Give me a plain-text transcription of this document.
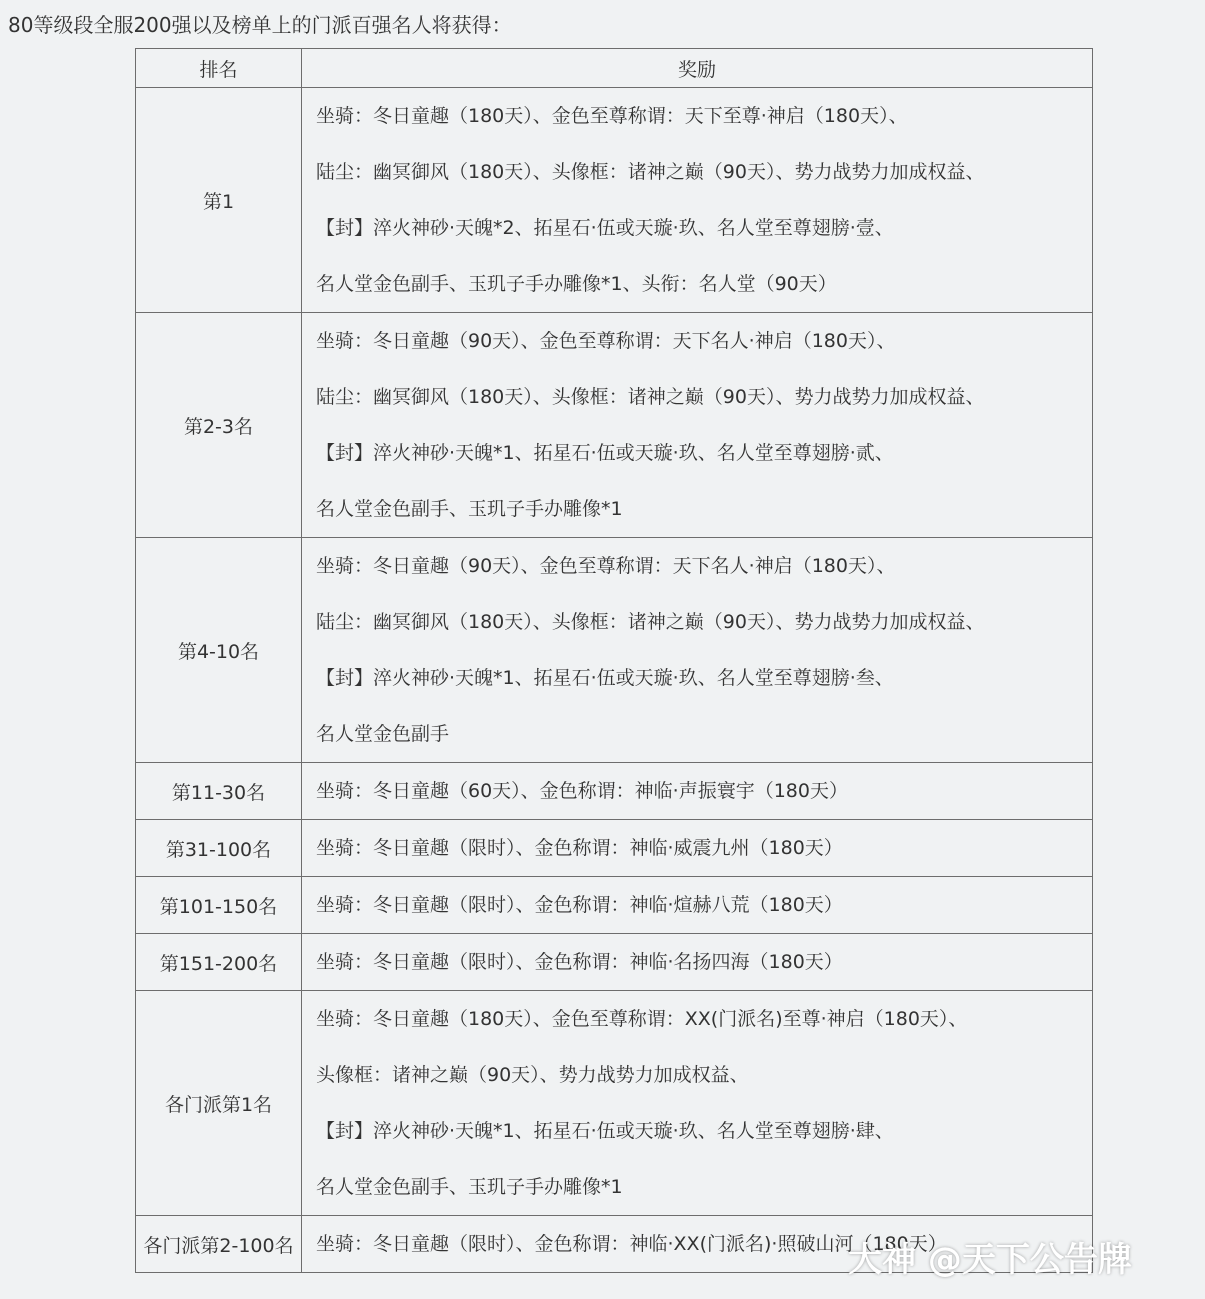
80等级段全服200强以及榜单上的门派百强名人将获得：
排名	奖励
第1	坐骑：冬日童趣（180天）、金色至尊称谓：天下至尊·神启（180天）、
陆尘：幽冥御风（180天）、头像框：诸神之巅（90天）、势力战势力加成权益、
【封】淬火神砂·天魄*2、拓星石·伍或天璇·玖、名人堂至尊翅膀·壹、
名人堂金色副手、玉玑子手办雕像*1、头衔：名人堂（90天）

第2-3名	坐骑：冬日童趣（90天）、金色至尊称谓：天下名人·神启（180天）、
陆尘：幽冥御风（180天）、头像框：诸神之巅（90天）、势力战势力加成权益、
【封】淬火神砂·天魄*1、拓星石·伍或天璇·玖、名人堂至尊翅膀·贰、
名人堂金色副手、玉玑子手办雕像*1

第4-10名	坐骑：冬日童趣（90天）、金色至尊称谓：天下名人·神启（180天）、
陆尘：幽冥御风（180天）、头像框：诸神之巅（90天）、势力战势力加成权益、
【封】淬火神砂·天魄*1、拓星石·伍或天璇·玖、名人堂至尊翅膀·叁、
名人堂金色副手

第11-30名	坐骑：冬日童趣（60天）、金色称谓：神临·声振寰宇（180天）

第31-100名	坐骑：冬日童趣（限时）、金色称谓：神临·威震九州（180天）

第101-150名	坐骑：冬日童趣（限时）、金色称谓：神临·煊赫八荒（180天）

第151-200名	坐骑：冬日童趣（限时）、金色称谓：神临·名扬四海（180天）

各门派第1名	坐骑：冬日童趣（180天）、金色至尊称谓：XX(门派名)至尊·神启（180天）、
头像框：诸神之巅（90天）、势力战势力加成权益、
【封】淬火神砂·天魄*1、拓星石·伍或天璇·玖、名人堂至尊翅膀·肆、
名人堂金色副手、玉玑子手办雕像*1

各门派第2-100名	坐骑：冬日童趣（限时）、金色称谓：神临·XX(门派名)·照破山河（180天）
大神 @天下公告牌
